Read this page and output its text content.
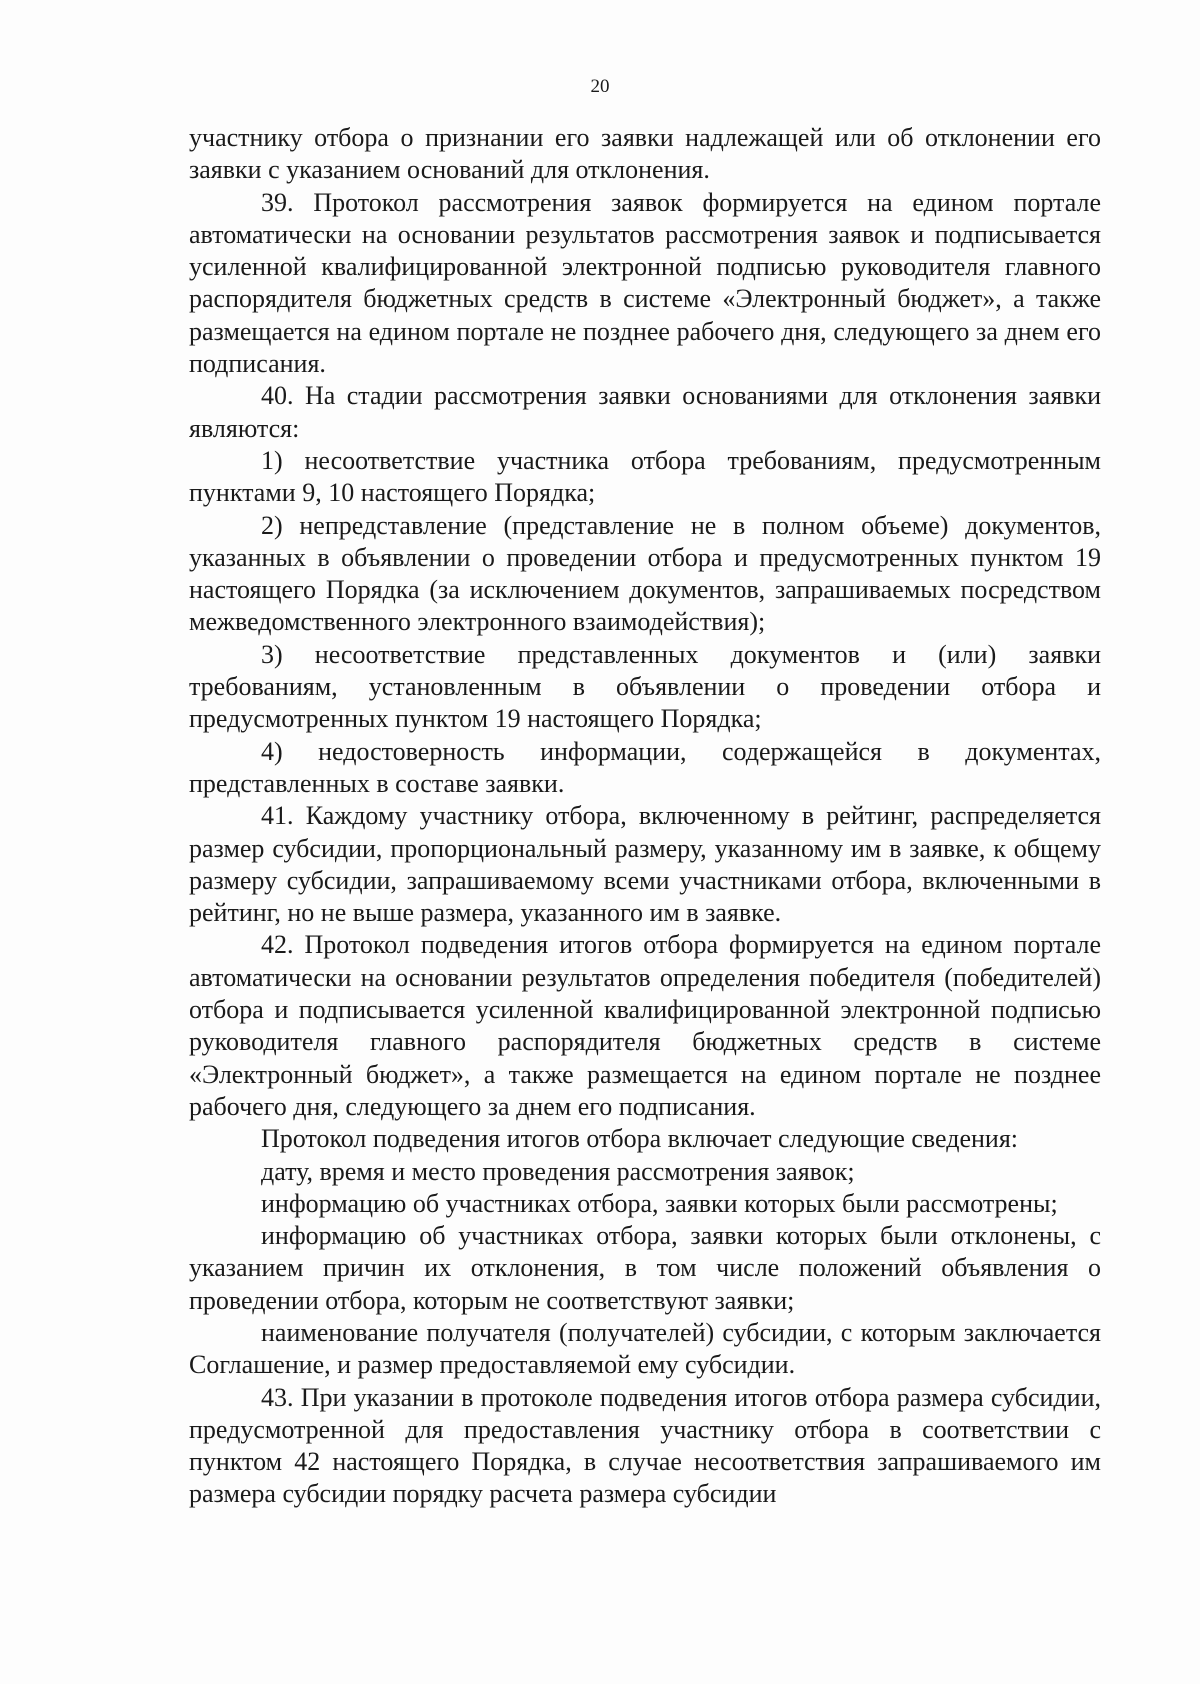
20

участнику отбора о признании его заявки надлежащей или об отклонении его заявки с указанием оснований для отклонения.

39. Протокол рассмотрения заявок формируется на едином портале автоматически на основании результатов рассмотрения заявок и подписывается усиленной квалифицированной электронной подписью руководителя главного распорядителя бюджетных средств в системе «Электронный бюджет», а также размещается на едином портале не позднее рабочего дня, следующего за днем его подписания.

40. На стадии рассмотрения заявки основаниями для отклонения заявки являются:

1) несоответствие участника отбора требованиям, предусмотренным пунктами 9, 10 настоящего Порядка;

2) непредставление (представление не в полном объеме) документов, указанных в объявлении о проведении отбора и предусмотренных пунктом 19 настоящего Порядка (за исключением документов, запрашиваемых посредством межведомственного электронного взаимодействия);

3) несоответствие представленных документов и (или) заявки требованиям, установленным в объявлении о проведении отбора и предусмотренных пунктом 19 настоящего Порядка;

4) недостоверность информации, содержащейся в документах, представленных в составе заявки.

41. Каждому участнику отбора, включенному в рейтинг, распределяется размер субсидии, пропорциональный размеру, указанному им в заявке, к общему размеру субсидии, запрашиваемому всеми участниками отбора, включенными в рейтинг, но не выше размера, указанного им в заявке.

42. Протокол подведения итогов отбора формируется на едином портале автоматически на основании результатов определения победителя (победителей) отбора и подписывается усиленной квалифицированной электронной подписью руководителя главного распорядителя бюджетных средств в системе «Электронный бюджет», а также размещается на едином портале не позднее рабочего дня, следующего за днем его подписания.

Протокол подведения итогов отбора включает следующие сведения:

дату, время и место проведения рассмотрения заявок;

информацию об участниках отбора, заявки которых были рассмотрены;

информацию об участниках отбора, заявки которых были отклонены, с указанием причин их отклонения, в том числе положений объявления о проведении отбора, которым не соответствуют заявки;

наименование получателя (получателей) субсидии, с которым заключается Соглашение, и размер предоставляемой ему субсидии.

43. При указании в протоколе подведения итогов отбора размера субсидии, предусмотренной для предоставления участнику отбора в соответствии с пунктом 42 настоящего Порядка, в случае несоответствия запрашиваемого им размера субсидии порядку расчета размера субсидии
